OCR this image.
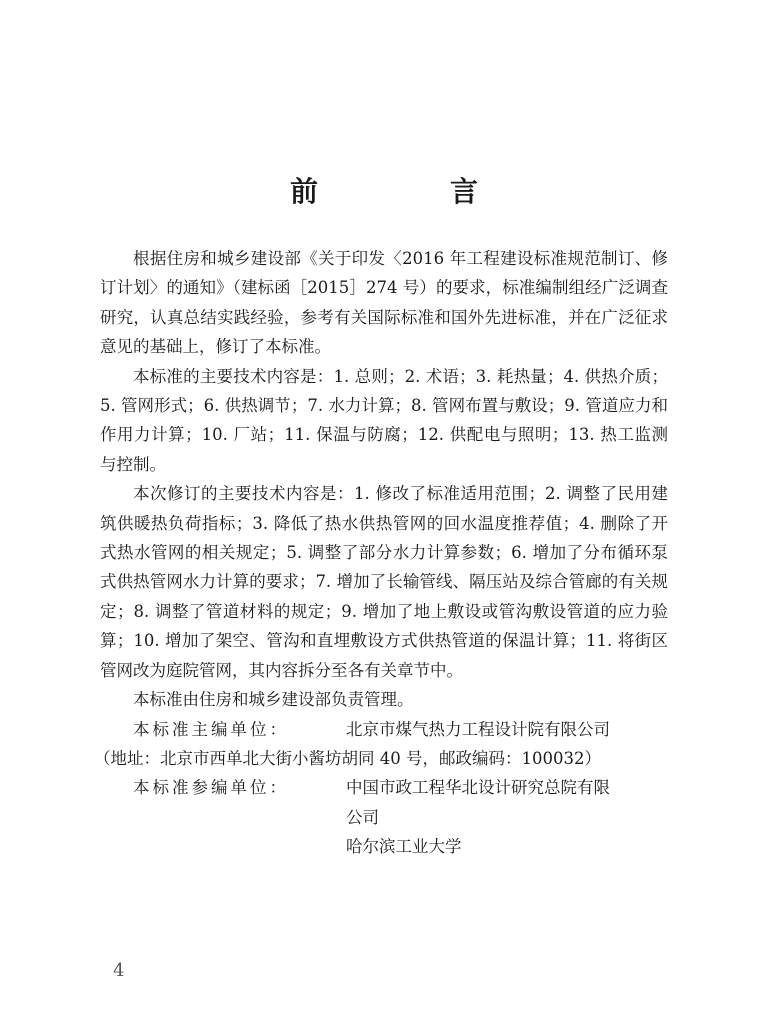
前　言

根据住房和城乡建设部《关于印发〈2016 年工程建设标准规范制订、修订计划〉的通知》（建标函［2015］274 号）的要求，标准编制组经广泛调查研究，认真总结实践经验，参考有关国际标准和国外先进标准，并在广泛征求意见的基础上，修订了本标准。

本标准的主要技术内容是：1. 总则；2. 术语；3. 耗热量；4. 供热介质；5. 管网形式；6. 供热调节；7. 水力计算；8. 管网布置与敷设；9. 管道应力和作用力计算；10. 厂站；11. 保温与防腐；12. 供配电与照明；13. 热工监测与控制。

本次修订的主要技术内容是：1. 修改了标准适用范围；2. 调整了民用建筑供暖热负荷指标；3. 降低了热水供热管网的回水温度推荐值；4. 删除了开式热水管网的相关规定；5. 调整了部分水力计算参数；6. 增加了分布循环泵式供热管网水力计算的要求；7. 增加了长输管线、隔压站及综合管廊的有关规定；8. 调整了管道材料的规定；9. 增加了地上敷设或管沟敷设管道的应力验算；10. 增加了架空、管沟和直埋敷设方式供热管道的保温计算；11. 将街区管网改为庭院管网，其内容拆分至各有关章节中。

本标准由住房和城乡建设部负责管理。

本标准主编单位：	北京市煤气热力工程设计院有限公司
（地址：北京市西单北大街小酱坊胡同 40 号，邮政编码：100032）
本标准参编单位：	中国市政工程华北设计研究总院有限
公司
哈尔滨工业大学
4
